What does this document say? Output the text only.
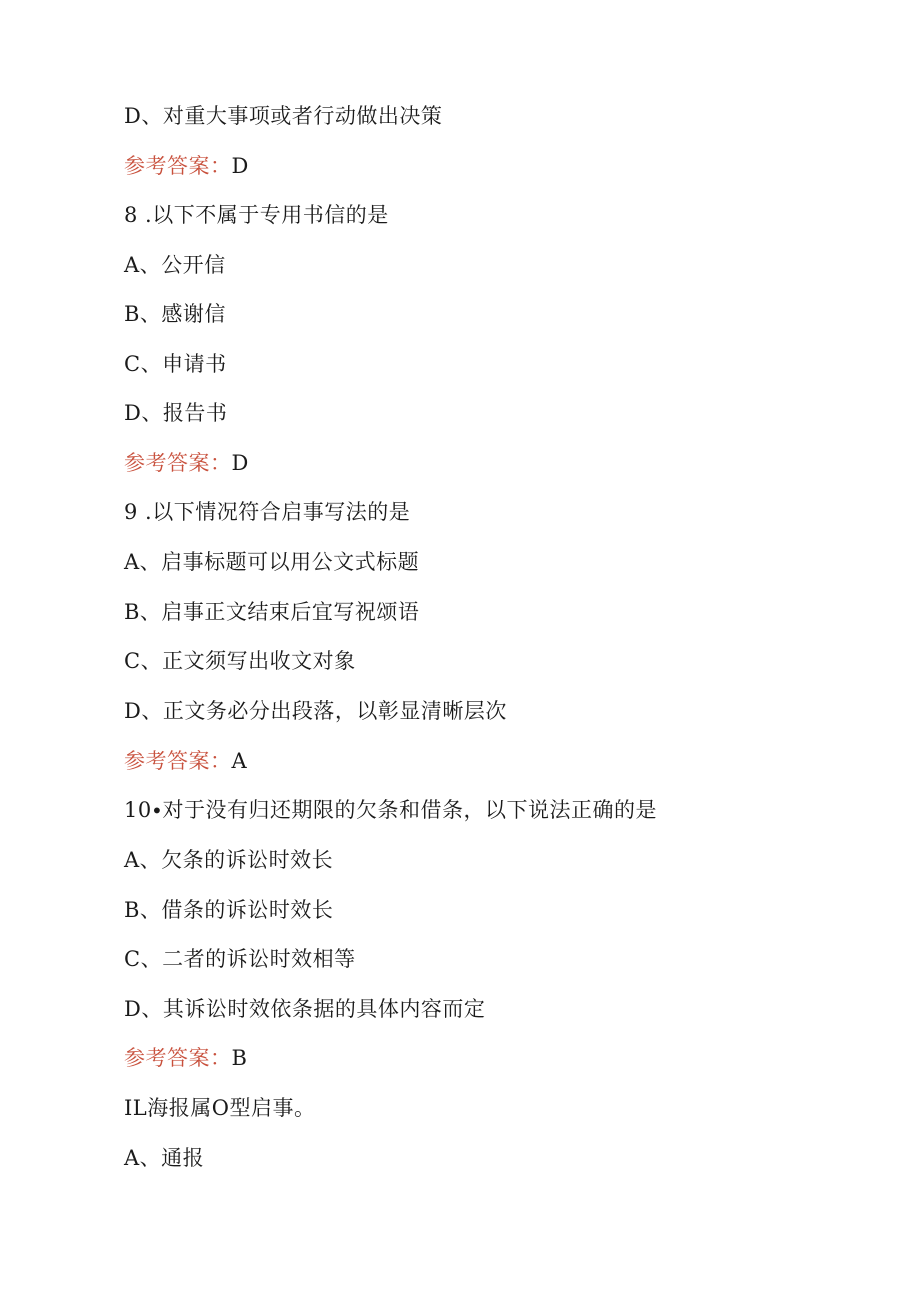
D、对重大事项或者行动做出决策
参考答案：D
8 .以下不属于专用书信的是
A、公开信
B、感谢信
C、申请书
D、报告书
参考答案：D
9 .以下情况符合启事写法的是
A、启事标题可以用公文式标题
B、启事正文结束后宜写祝颂语
C、正文须写出收文对象
D、正文务必分出段落，以彰显清晰层次
参考答案：A
10∙对于没有归还期限的欠条和借条，以下说法正确的是
A、欠条的诉讼时效长
B、借条的诉讼时效长
C、二者的诉讼时效相等
D、其诉讼时效依条据的具体内容而定
参考答案：B
IL海报属O型启事。
A、通报
